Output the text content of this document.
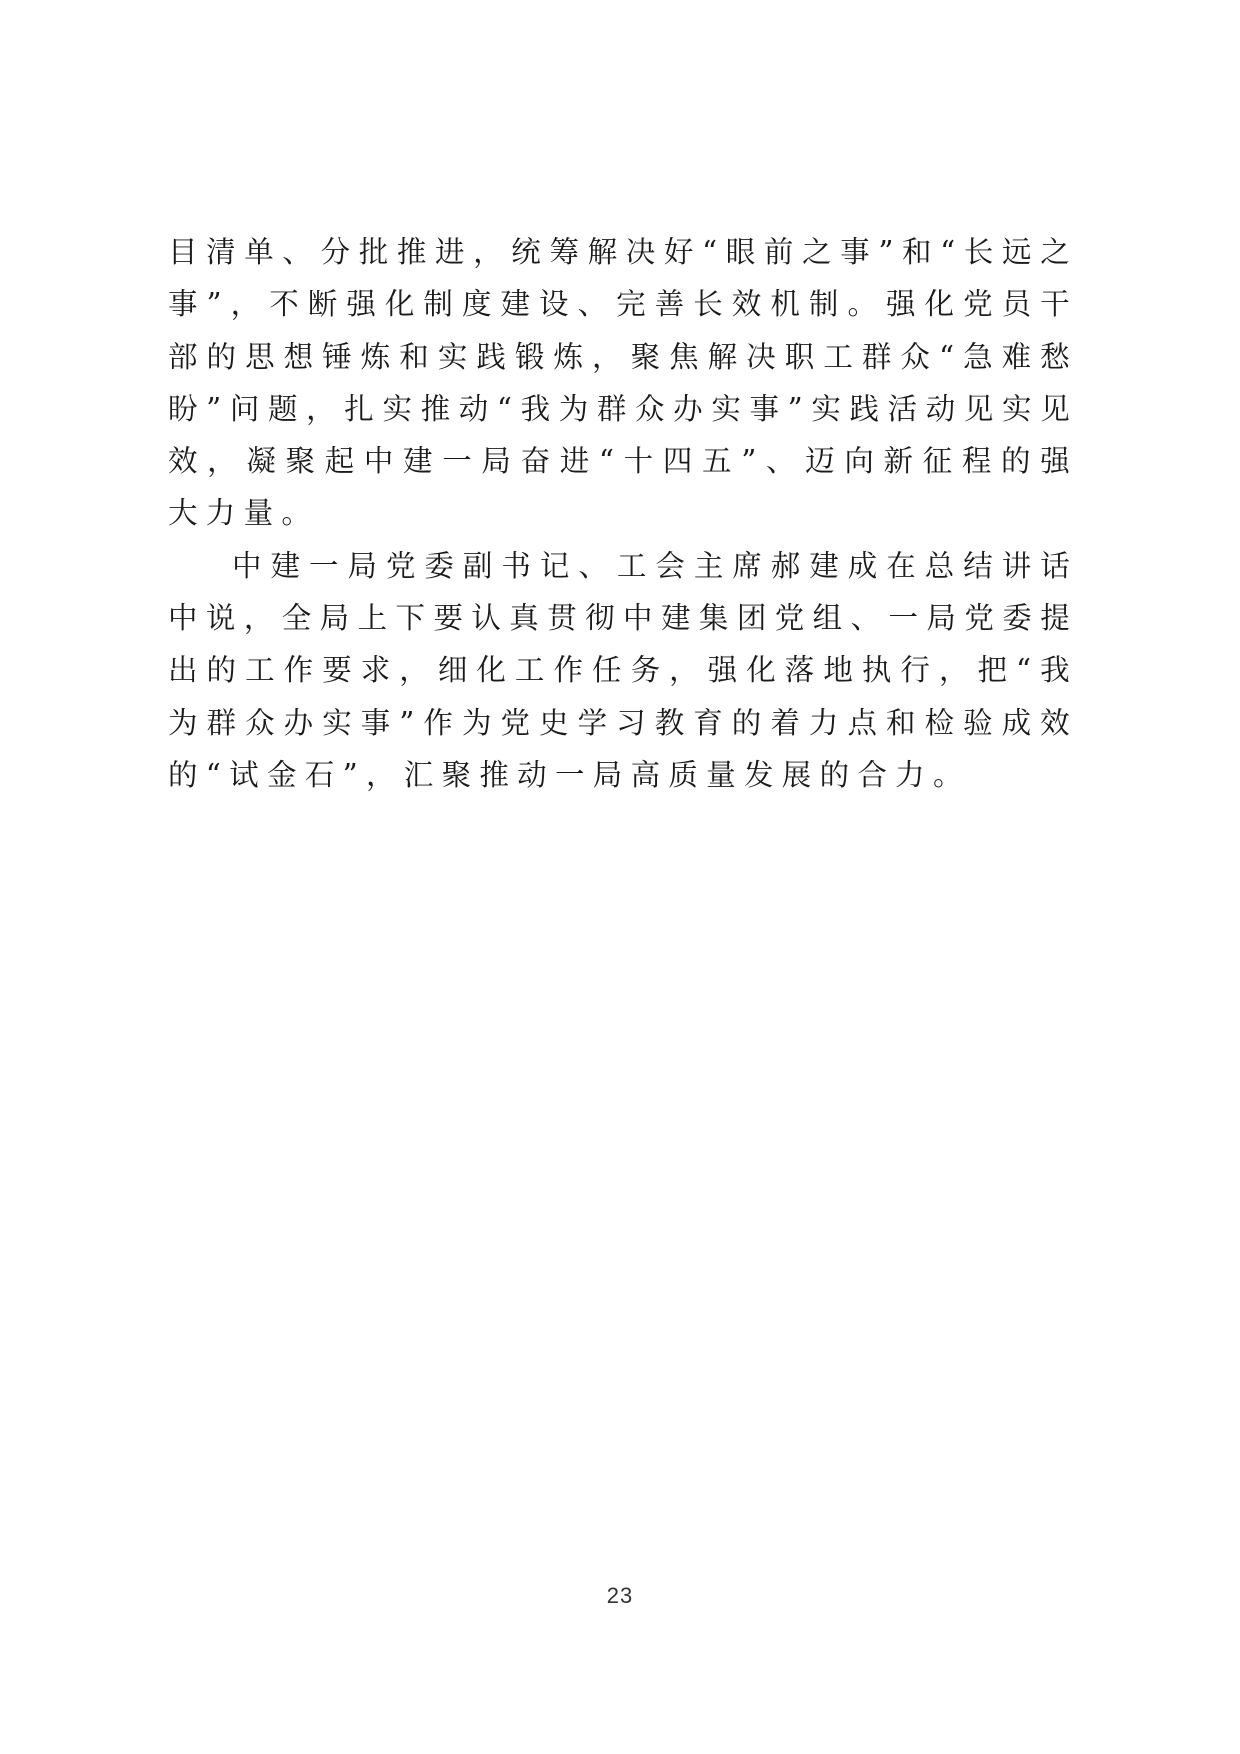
目清单、分批推进，统筹解决好“眼前之事”和“长远之事”，不断强化制度建设、完善长效机制。强化党员干部的思想锤炼和实践锻炼，聚焦解决职工群众“急难愁盼”问题，扎实推动“我为群众办实事”实践活动见实见效，凝聚起中建一局奋进“十四五”、迈向新征程的强大力量。

中建一局党委副书记、工会主席郝建成在总结讲话中说，全局上下要认真贯彻中建集团党组、一局党委提出的工作要求，细化工作任务，强化落地执行，把“我为群众办实事”作为党史学习教育的着力点和检验成效的“试金石”，汇聚推动一局高质量发展的合力。

23
